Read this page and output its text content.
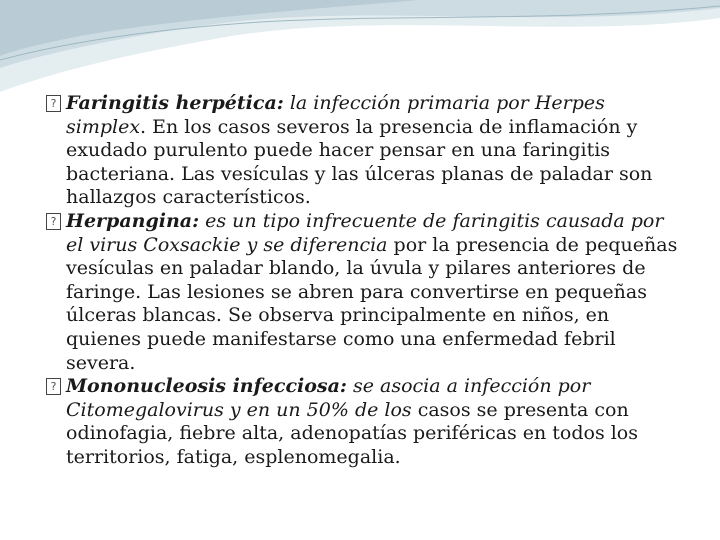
? Faringitis herpética: la infección primaria por Herpes simplex. En los casos severos la presencia de inflamación y exudado purulento puede hacer pensar en una faringitis bacteriana. Las vesículas y las úlceras planas de paladar son hallazgos característicos.

? Herpangina: es un tipo infrecuente de faringitis causada por el virus Coxsackie y se diferencia por la presencia de pequeñas vesículas en paladar blando, la úvula y pilares anteriores de faringe. Las lesiones se abren para convertirse en pequeñas úlceras blancas. Se observa principalmente en niños, en quienes puede manifestarse como una enfermedad febril severa.

? Mononucleosis infecciosa: se asocia a infección por Citomegalovirus y en un 50% de los casos se presenta con odinofagia, fiebre alta, adenopatías periféricas en todos los territorios, fatiga, esplenomegalia.
